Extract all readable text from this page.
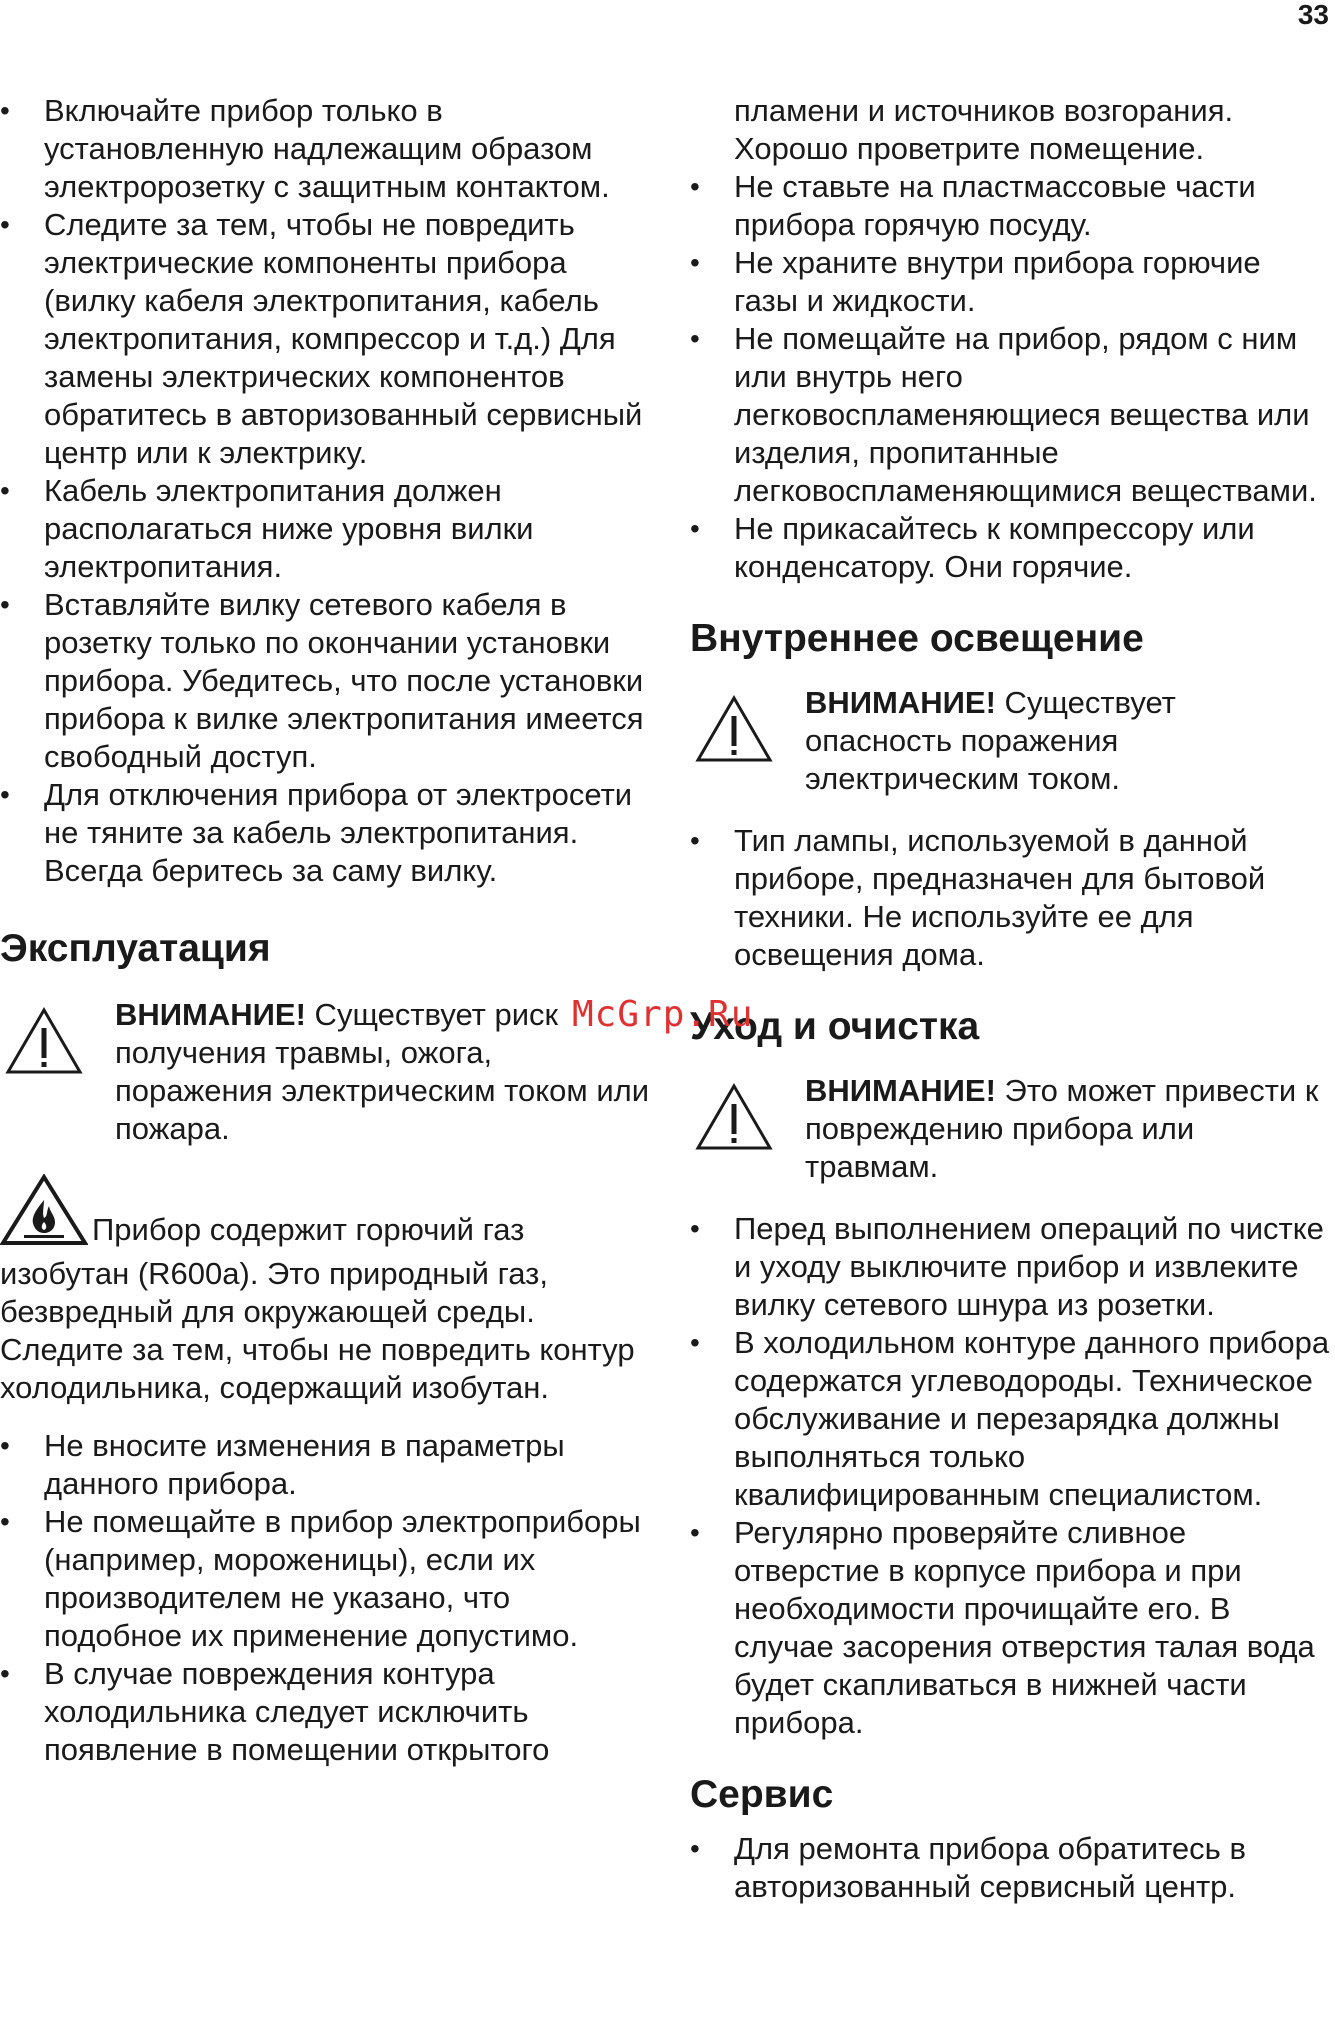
33
• Включайте прибор только в установленную надлежащим образом электророзетку с защитным контактом.
• Следите за тем, чтобы не повредить электрические компоненты прибора (вилку кабеля электропитания, кабель электропитания, компрессор и т.д.) Для замены электрических компонентов обратитесь в авторизованный сервисный центр или к электрику.
• Кабель электропитания должен располагаться ниже уровня вилки электропитания.
• Вставляйте вилку сетевого кабеля в розетку только по окончании установки прибора. Убедитесь, что после установки прибора к вилке электропитания имеется свободный доступ.
• Для отключения прибора от электросети не тяните за кабель электропитания. Всегда беритесь за саму вилку.
Эксплуатация
ВНИМАНИЕ! Существует риск получения травмы, ожога, поражения электрическим током или пожара.

Прибор содержит горючий газ изобутан (R600a). Это природный газ, безвредный для окружающей среды. Следите за тем, чтобы не повредить контур холодильника, содержащий изобутан.

• Не вносите изменения в параметры данного прибора.
• Не помещайте в прибор электроприборы (например, мороженицы), если их производителем не указано, что подобное их применение допустимо.
• В случае повреждения контура холодильника следует исключить появление в помещении открытого

пламени и источников возгорания. Хорошо проветрите помещение.

• Не ставьте на пластмассовые части прибора горячую посуду.
• Не храните внутри прибора горючие газы и жидкости.
• Не помещайте на прибор, рядом с ним или внутрь него легковоспламеняющиеся вещества или изделия, пропитанные легковоспламеняющимися веществами.
• Не прикасайтесь к компрессору или конденсатору. Они горячие.
Внутреннее освещение
ВНИМАНИЕ! Существует опасность поражения электрическим током.
• Тип лампы, используемой в данной приборе, предназначен для бытовой техники. Не используйте ее для освещения дома.
Уход и очистка
ВНИМАНИЕ! Это может привести к повреждению прибора или травмам.
• Перед выполнением операций по чистке и уходу выключите прибор и извлеките вилку сетевого шнура из розетки.
• В холодильном контуре данного прибора содержатся углеводороды. Техническое обслуживание и перезарядка должны выполняться только квалифицированным специалистом.
• Регулярно проверяйте сливное отверстие в корпусе прибора и при необходимости прочищайте его. В случае засорения отверстия талая вода будет скапливаться в нижней части прибора.
Сервис
• Для ремонта прибора обратитесь в авторизованный сервисный центр.
McGrp.Ru
